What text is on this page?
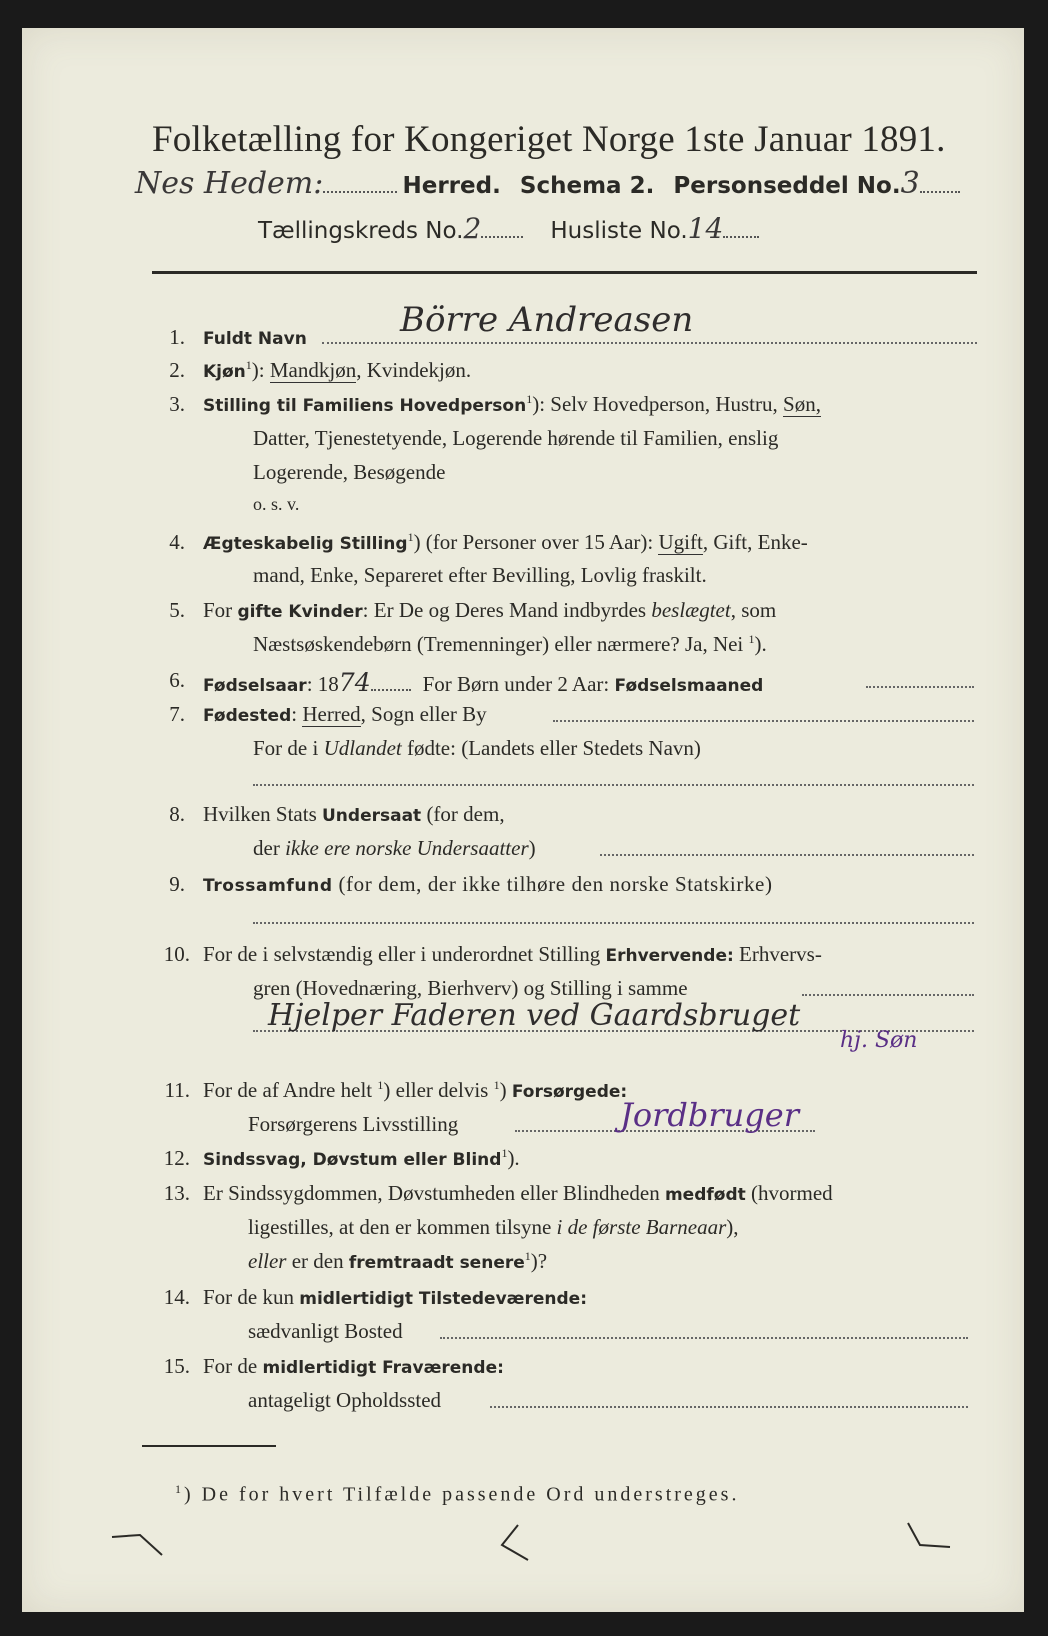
Folketælling for Kongeriget Norge 1ste Januar 1891.
Nes Hedem:	Herred. Schema 2. Personseddel No.3
Tællingskreds No.2	Husliste No.14
1. Fuldt Navn	Börre Andreasen
2. Kjøn$^1$): Mandkjøn, Kvindekjøn.
3. Stilling til Familiens Hovedperson$^1$): Selv Hovedperson, Hustru, Søn,
Datter, Tjenestetyende, Logerende hørende til Familien, enslig
Logerende, Besøgende
o. s. v.
4. Ægteskabelig Stilling$^1$) (for Personer over 15 Aar): Ugift, Gift, Enke-
mand, Enke, Separeret efter Bevilling, Lovlig fraskilt.
5. For gifte Kvinder: Er De og Deres Mand indbyrdes beslægtet, som
Næstsøskendebørn (Tremenninger) eller nærmere? Ja, Nei $^1$).
6. Fødselsaar: 1874 For Børn under 2 Aar: Fødselsmaaned
7. Fødested: Herred, Sogn eller By
For de i Udlandet fødte: (Landets eller Stedets Navn)
8. Hvilken Stats Undersaat (for dem,
der ikke ere norske Undersaatter)
9. Trossamfund (for dem, der ikke tilhøre den norske Statskirke)
10. For de i selvstændig eller i underordnet Stilling Erhvervende: Erhvervs-
gren (Hovednæring, Bierhverv) og Stilling i samme
Hjelper Faderen ved Gaardsbruget
hj. Søn
11. For de af Andre helt $^1$) eller delvis $^1$) Forsørgede:
Forsørgerens Livsstilling	Jordbruger
12. Sindssvag, Døvstum eller Blind$^1$).
13. Er Sindssygdommen, Døvstumheden eller Blindheden medfødt (hvormed
ligestilles, at den er kommen tilsyne i de første Barneaar),
eller er den fremtraadt senere$^1$)?
14. For de kun midlertidigt Tilstedeværende:
sædvanligt Bosted
15. For de midlertidigt Fraværende:
antageligt Opholdssted
$^1$) De for hvert Tilfælde passende Ord understreges.
